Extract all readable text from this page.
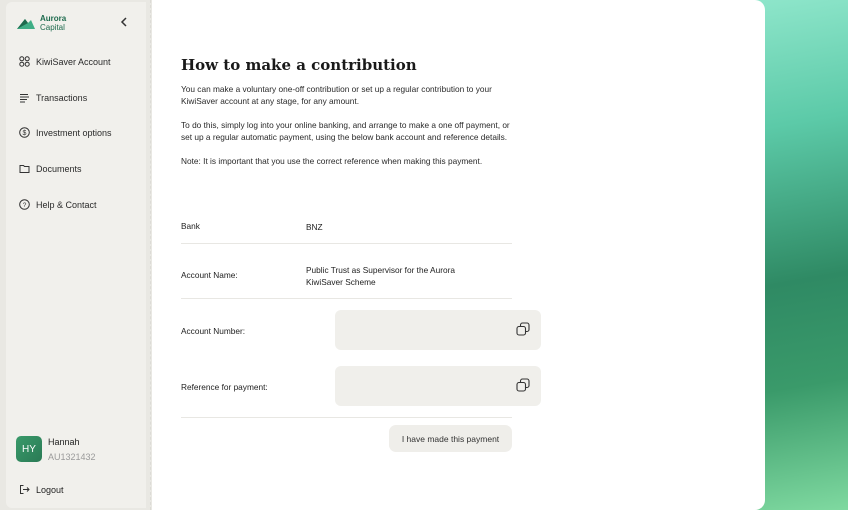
Aurora
Capital
KiwiSaver Account
Transactions
$ Investment options
Documents
? Help & Contact
HY
Hannah
AU1321432
Logout
How to make a contribution

You can make a voluntary one-off contribution or set up a regular contribution to your KiwiSaver account at any stage, for any amount.

To do this, simply log into your online banking, and arrange to make a one off payment, or set up a regular automatic payment, using the below bank account and reference details.

Note: It is important that you use the correct reference when making this payment.

Bank	BNZ
Account Name:	Public Trust as Supervisor for the Aurora KiwiSaver Scheme
Account Number:
Reference for payment:
I have made this payment
